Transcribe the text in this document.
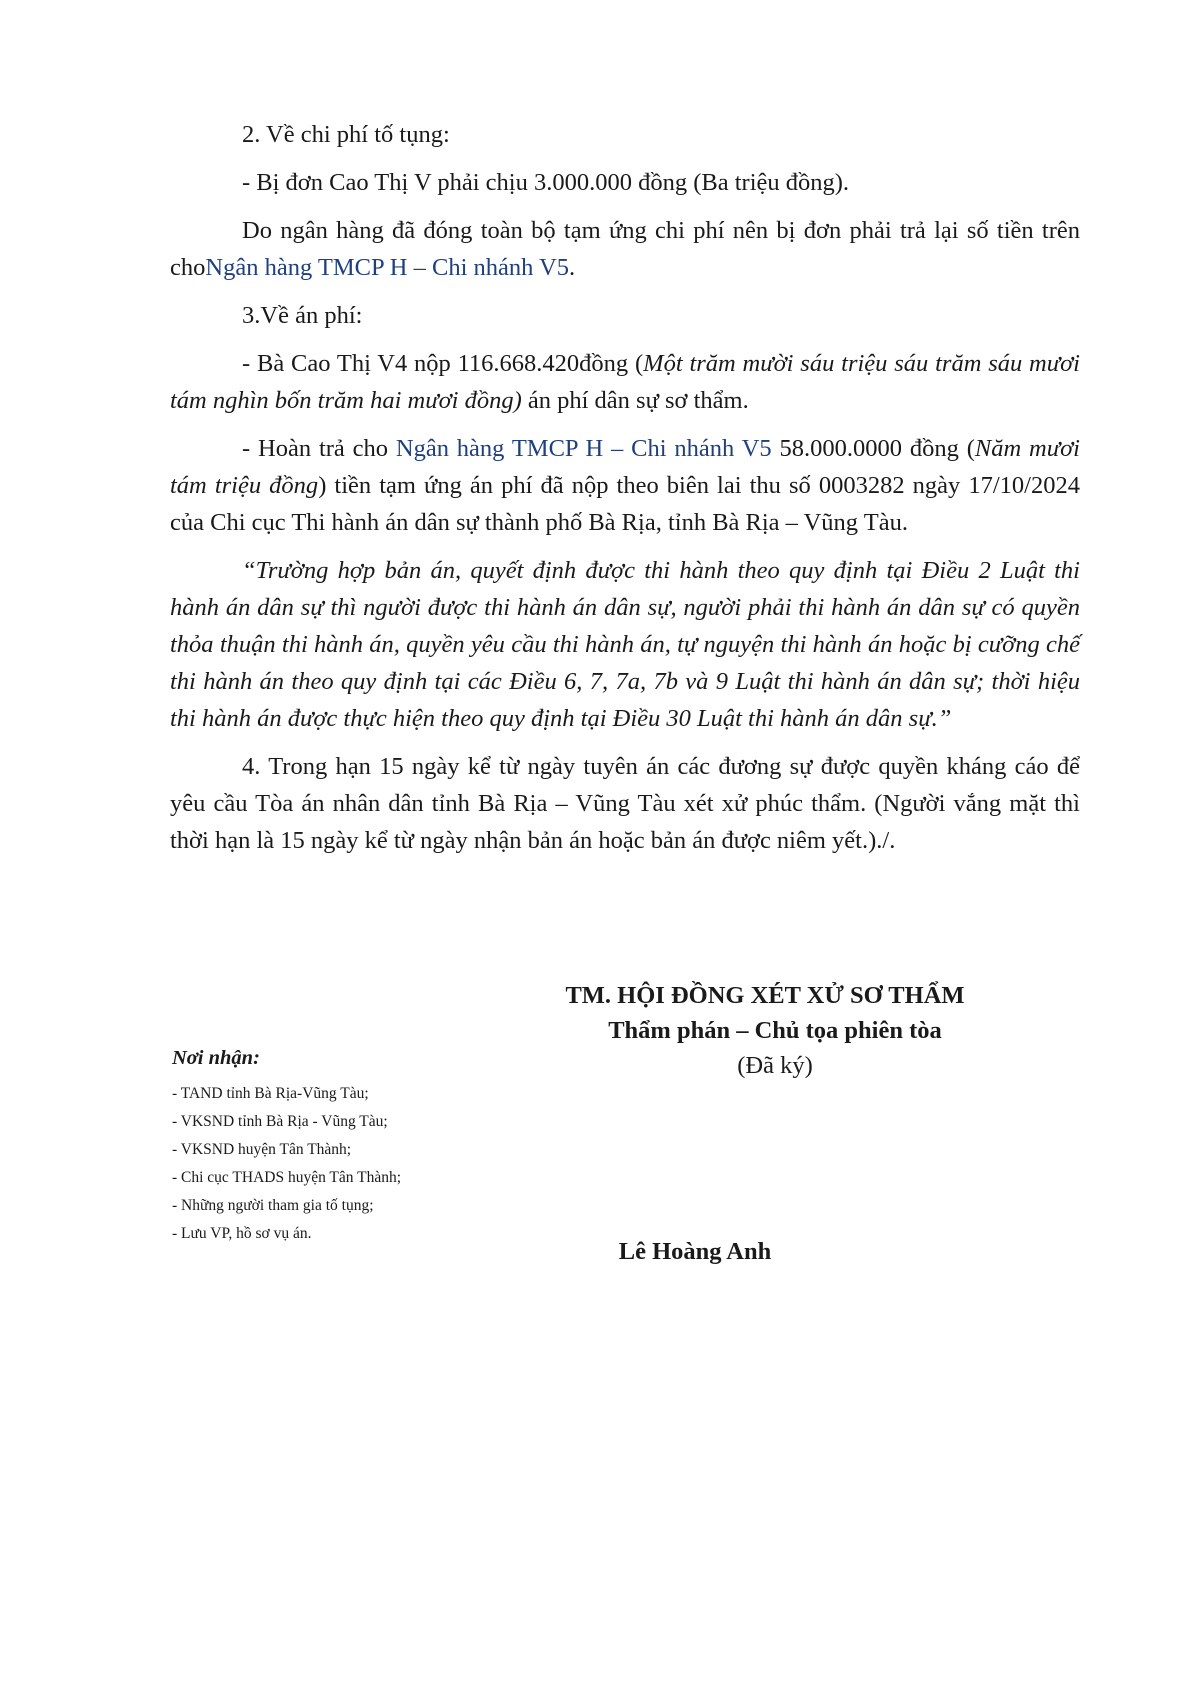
2. Về chi phí tố tụng:

- Bị đơn Cao Thị V phải chịu 3.000.000 đồng (Ba triệu đồng).

Do ngân hàng đã đóng toàn bộ tạm ứng chi phí nên bị đơn phải trả lại số tiền trên choNgân hàng TMCP H – Chi nhánh V5.

3.Về án phí:

- Bà Cao Thị V4 nộp 116.668.420đồng (Một trăm mười sáu triệu sáu trăm sáu mươi tám nghìn bốn trăm hai mươi đồng) án phí dân sự sơ thẩm.

- Hoàn trả cho Ngân hàng TMCP H – Chi nhánh V5 58.000.0000 đồng (Năm mươi tám triệu đồng) tiền tạm ứng án phí đã nộp theo biên lai thu số 0003282 ngày 17/10/2024 của Chi cục Thi hành án dân sự thành phố Bà Rịa, tỉnh Bà Rịa – Vũng Tàu.

“Trường hợp bản án, quyết định được thi hành theo quy định tại Điều 2 Luật thi hành án dân sự thì người được thi hành án dân sự, người phải thi hành án dân sự có quyền thỏa thuận thi hành án, quyền yêu cầu thi hành án, tự nguyện thi hành án hoặc bị cưỡng chế thi hành án theo quy định tại các Điều 6, 7, 7a, 7b và 9 Luật thi hành án dân sự; thời hiệu thi hành án được thực hiện theo quy định tại Điều 30 Luật thi hành án dân sự.”

4. Trong hạn 15 ngày kể từ ngày tuyên án các đương sự được quyền kháng cáo để yêu cầu Tòa án nhân dân tỉnh Bà Rịa – Vũng Tàu xét xử phúc thẩm. (Người vắng mặt thì thời hạn là 15 ngày kể từ ngày nhận bản án hoặc bản án được niêm yết.)./.

TM. HỘI ĐỒNG XÉT XỬ SƠ THẨM
Thẩm phán – Chủ tọa phiên tòa
(Đã ký)
Lê Hoàng Anh
Nơi nhận:
- TAND tỉnh Bà Rịa-Vũng Tàu;
- VKSND tỉnh Bà Rịa - Vũng Tàu;
- VKSND huyện Tân Thành;
- Chi cục THADS huyện Tân Thành;
- Những người tham gia tố tụng;
- Lưu VP, hồ sơ vụ án.
